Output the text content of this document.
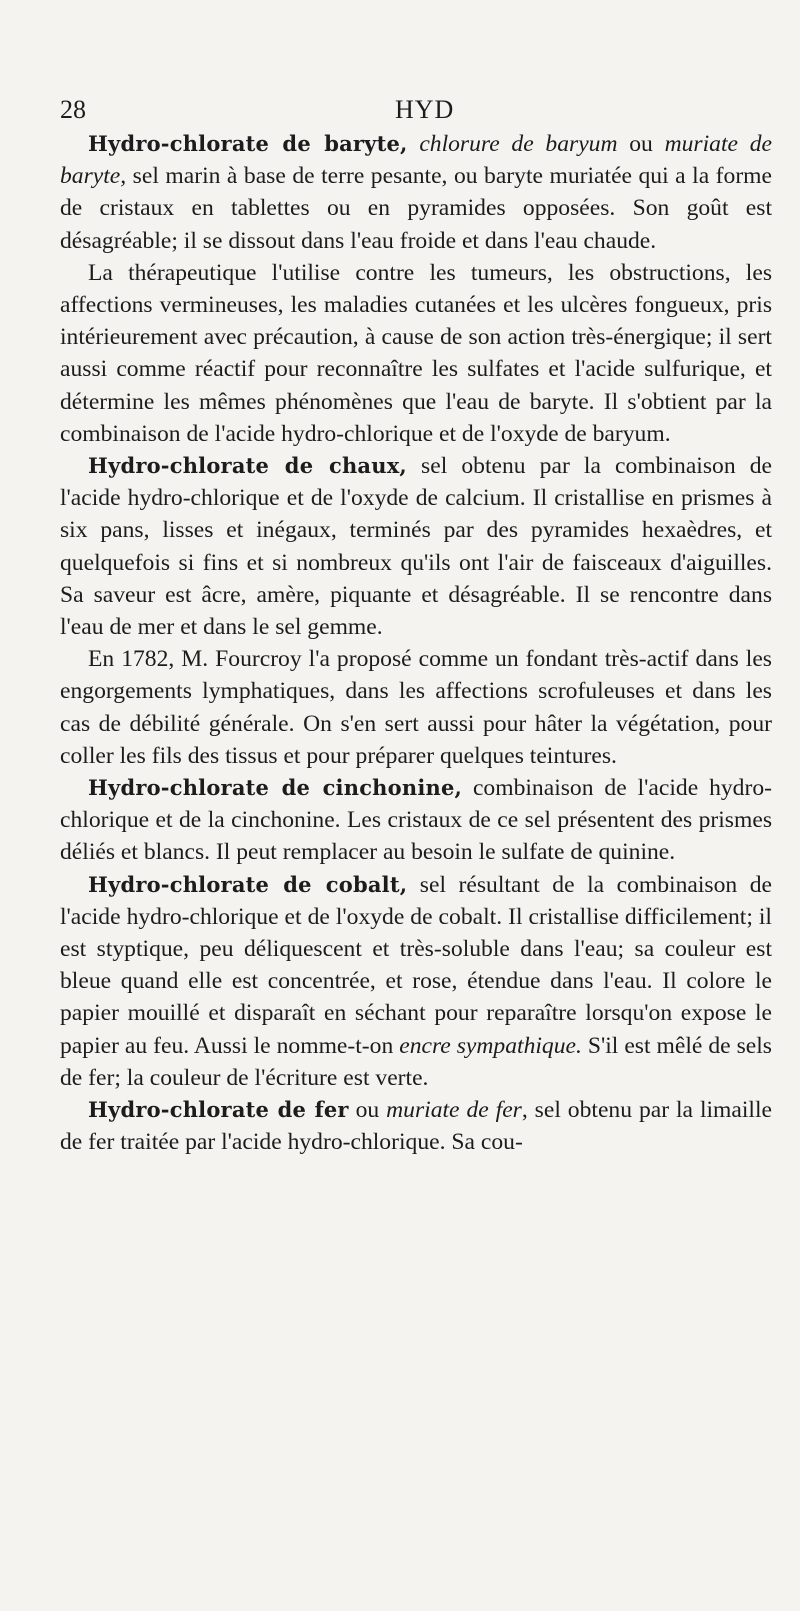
28	HYD

Hydro-chlorate de baryte, chlorure de baryum ou muriate de baryte, sel marin à base de terre pesante, ou baryte muriatée qui a la forme de cristaux en tablettes ou en pyramides opposées. Son goût est désagréable; il se dissout dans l'eau froide et dans l'eau chaude.

La thérapeutique l'utilise contre les tumeurs, les obstructions, les affections vermineuses, les maladies cutanées et les ulcères fongueux, pris intérieurement avec précaution, à cause de son action très-énergique; il sert aussi comme réactif pour reconnaître les sulfates et l'acide sulfurique, et détermine les mêmes phénomènes que l'eau de baryte. Il s'obtient par la combinaison de l'acide hydro-chlorique et de l'oxyde de baryum.

Hydro-chlorate de chaux, sel obtenu par la combinaison de l'acide hydro-chlorique et de l'oxyde de calcium. Il cristallise en prismes à six pans, lisses et inégaux, terminés par des pyramides hexaèdres, et quelquefois si fins et si nombreux qu'ils ont l'air de faisceaux d'aiguilles. Sa saveur est âcre, amère, piquante et désagréable. Il se rencontre dans l'eau de mer et dans le sel gemme.

En 1782, M. Fourcroy l'a proposé comme un fondant très-actif dans les engorgements lymphatiques, dans les affections scrofuleuses et dans les cas de débilité générale. On s'en sert aussi pour hâter la végétation, pour coller les fils des tissus et pour préparer quelques teintures.

Hydro-chlorate de cinchonine, combinaison de l'acide hydro-chlorique et de la cinchonine. Les cristaux de ce sel présentent des prismes déliés et blancs. Il peut remplacer au besoin le sulfate de quinine.

Hydro-chlorate de cobalt, sel résultant de la combinaison de l'acide hydro-chlorique et de l'oxyde de cobalt. Il cristallise difficilement; il est styptique, peu déliquescent et très-soluble dans l'eau; sa couleur est bleue quand elle est concentrée, et rose, étendue dans l'eau. Il colore le papier mouillé et disparaît en séchant pour reparaître lorsqu'on expose le papier au feu. Aussi le nomme-t-on encre sympathique. S'il est mêlé de sels de fer; la couleur de l'écriture est verte.

Hydro-chlorate de fer ou muriate de fer, sel obtenu par la limaille de fer traitée par l'acide hydro-chlorique. Sa cou-
